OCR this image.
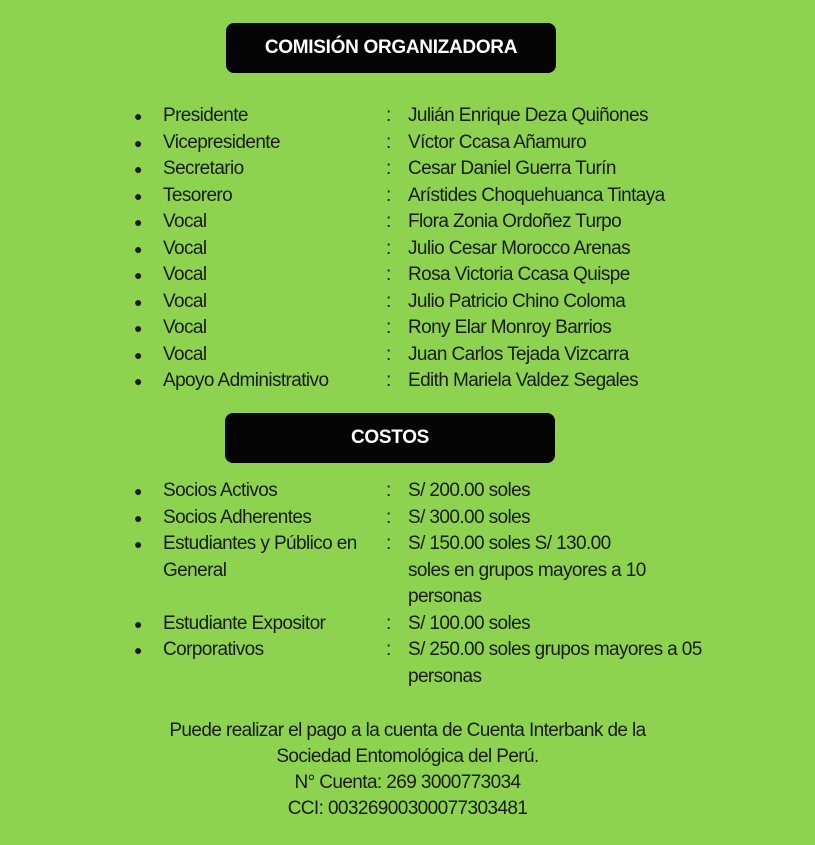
COMISIÓN ORGANIZADORA
●	Presidente	: Julián Enrique Deza Quiñones
●	Vicepresidente	: Víctor Ccasa Añamuro
●	Secretario	: Cesar Daniel Guerra Turín
●	Tesorero	: Arístides Choquehuanca Tintaya
●	Vocal	: Flora Zonia Ordoñez Turpo
●	Vocal	: Julio Cesar Morocco Arenas
●	Vocal	: Rosa Victoria Ccasa Quispe
●	Vocal	: Julio Patricio Chino Coloma
●	Vocal	: Rony Elar Monroy Barrios
●	Vocal	: Juan Carlos Tejada Vizcarra
●	Apoyo Administrativo	: Edith Mariela Valdez Segales
COSTOS
●	Socios Activos	: S/ 200.00 soles
●	Socios Adherentes	: S/ 300.00 soles
●	Estudiantes y Público en General
: S/ 150.00 soles S/ 130.00 soles en grupos mayores a 10 personas
●	Estudiante Expositor	: S/ 100.00 soles
●	Corporativos	: S/ 250.00 soles grupos mayores a 05 personas
Puede realizar el pago a la cuenta de Cuenta Interbank de la
Sociedad Entomológica del Perú.
N° Cuenta: 269 3000773034
CCI: 00326900300077303481
